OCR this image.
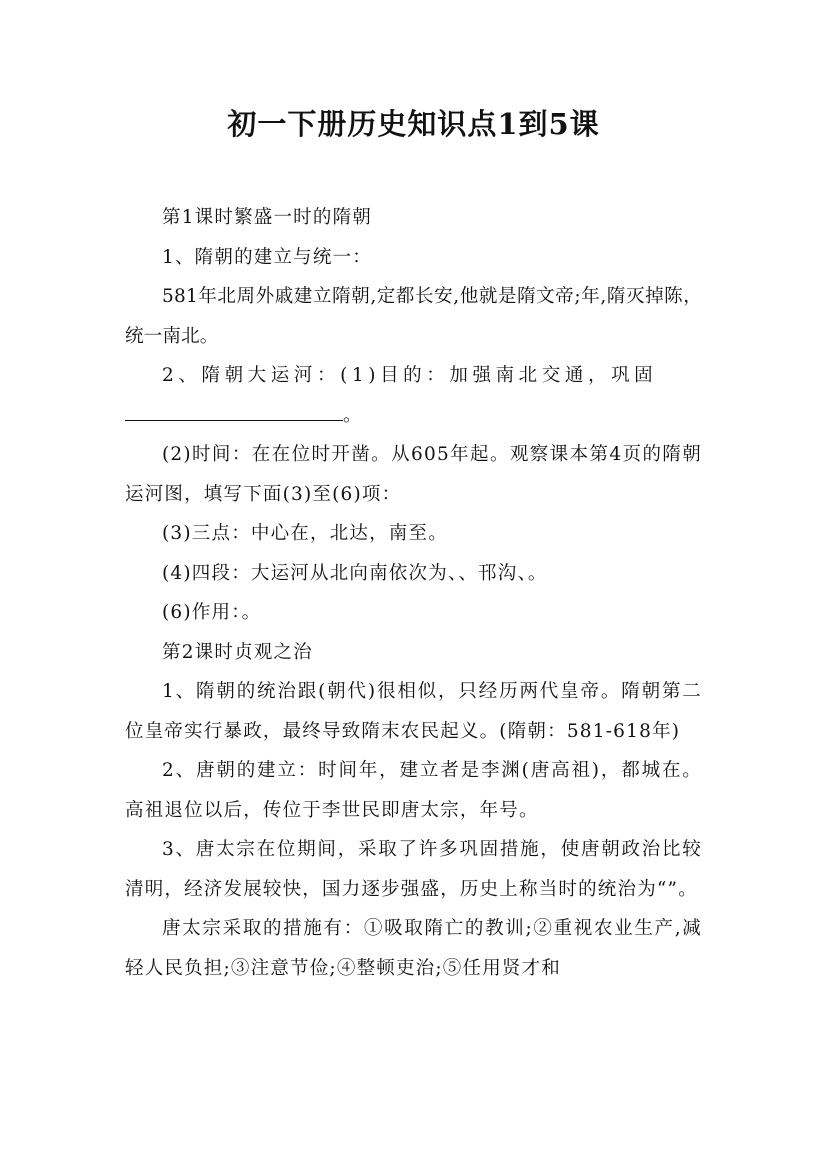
初一下册历史知识点1到5课

第1课时繁盛一时的隋朝

1、隋朝的建立与统一：

581年北周外戚建立隋朝,定都长安,他就是隋文帝;年,隋灭掉陈，统一南北。

2、隋朝大运河：(1)目的：加强南北交通，巩固

。

(2)时间：在在位时开凿。从605年起。观察课本第4页的隋朝运河图，填写下面(3)至(6)项：

(3)三点：中心在，北达，南至。

(4)四段：大运河从北向南依次为、、邗沟、。

(6)作用：。

第2课时贞观之治

1、隋朝的统治跟(朝代)很相似，只经历两代皇帝。隋朝第二位皇帝实行暴政，最终导致隋末农民起义。(隋朝：581-618年)

2、唐朝的建立：时间年，建立者是李渊(唐高祖)，都城在。高祖退位以后，传位于李世民即唐太宗，年号。

3、唐太宗在位期间，采取了许多巩固措施，使唐朝政治比较清明，经济发展较快，国力逐步强盛，历史上称当时的统治为“”。

唐太宗采取的措施有：①吸取隋亡的教训;②重视农业生产,减轻人民负担;③注意节俭;④整顿吏治;⑤任用贤才和
